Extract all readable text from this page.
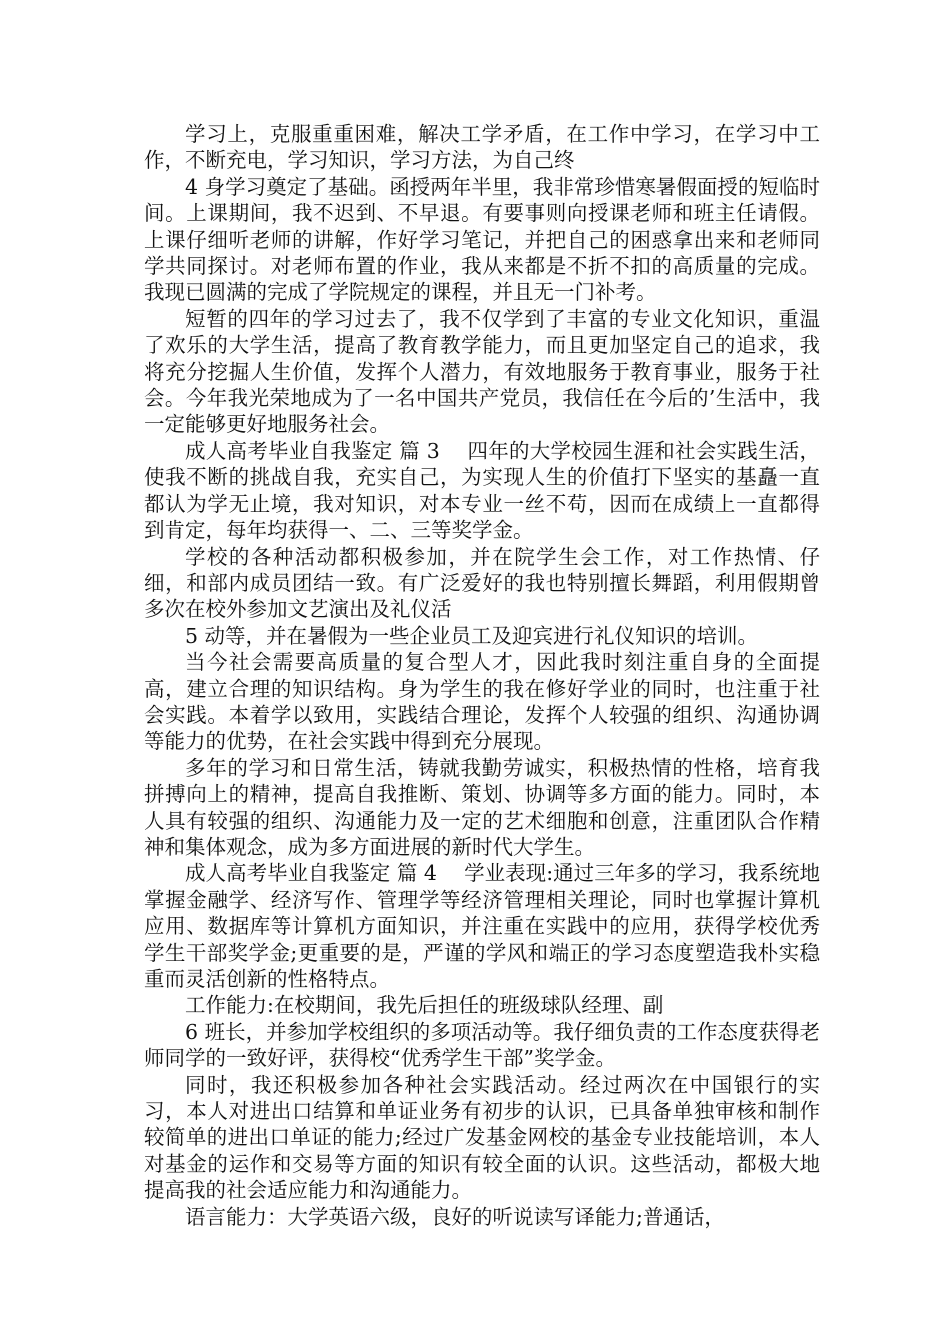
学习上，克服重重困难，解决工学矛盾，在工作中学习，在学习中工作，不断充电，学习知识，学习方法，为自己终

4 身学习奠定了基础。函授两年半里，我非常珍惜寒暑假面授的短临时间。上课期间，我不迟到、不早退。有要事则向授课老师和班主任请假。上课仔细听老师的讲解，作好学习笔记，并把自己的困惑拿出来和老师同学共同探讨。对老师布置的作业，我从来都是不折不扣的高质量的完成。我现已圆满的完成了学院规定的课程，并且无一门补考。

短暂的四年的学习过去了，我不仅学到了丰富的专业文化知识，重温了欢乐的大学生活，提高了教育教学能力，而且更加坚定自己的追求，我将充分挖掘人生价值，发挥个人潜力，有效地服务于教育事业，服务于社会。今年我光荣地成为了一名中国共产党员，我信任在今后的’生活中，我一定能够更好地服务社会。

成人高考毕业自我鉴定 篇 3　 四年的大学校园生涯和社会实践生活，使我不断的挑战自我，充实自己，为实现人生的价值打下坚实的基矗一直都认为学无止境，我对知识，对本专业一丝不苟，因而在成绩上一直都得到肯定，每年均获得一、二、三等奖学金。

学校的各种活动都积极参加，并在院学生会工作，对工作热情、仔细，和部内成员团结一致。有广泛爱好的我也特别擅长舞蹈，利用假期曾多次在校外参加文艺演出及礼仪活

5 动等，并在暑假为一些企业员工及迎宾进行礼仪知识的培训。

当今社会需要高质量的复合型人才，因此我时刻注重自身的全面提高，建立合理的知识结构。身为学生的我在修好学业的同时，也注重于社会实践。本着学以致用，实践结合理论，发挥个人较强的组织、沟通协调等能力的优势，在社会实践中得到充分展现。

多年的学习和日常生活，铸就我勤劳诚实，积极热情的性格，培育我拼搏向上的精神，提高自我推断、策划、协调等多方面的能力。同时，本人具有较强的组织、沟通能力及一定的艺术细胞和创意，注重团队合作精神和集体观念，成为多方面进展的新时代大学生。

成人高考毕业自我鉴定 篇 4　 学业表现:通过三年多的学习，我系统地掌握金融学、经济写作、管理学等经济管理相关理论，同时也掌握计算机应用、数据库等计算机方面知识，并注重在实践中的应用，获得学校优秀学生干部奖学金;更重要的是，严谨的学风和端正的学习态度塑造我朴实稳重而灵活创新的性格特点。

工作能力:在校期间，我先后担任的班级球队经理、副

6 班长，并参加学校组织的多项活动等。我仔细负责的工作态度获得老师同学的一致好评，获得校“优秀学生干部”奖学金。

同时，我还积极参加各种社会实践活动。经过两次在中国银行的实习，本人对进出口结算和单证业务有初步的认识，已具备单独审核和制作较简单的进出口单证的能力;经过广发基金网校的基金专业技能培训，本人对基金的运作和交易等方面的知识有较全面的认识。这些活动，都极大地提高我的社会适应能力和沟通能力。

语言能力：大学英语六级，良好的听说读写译能力;普通话，
